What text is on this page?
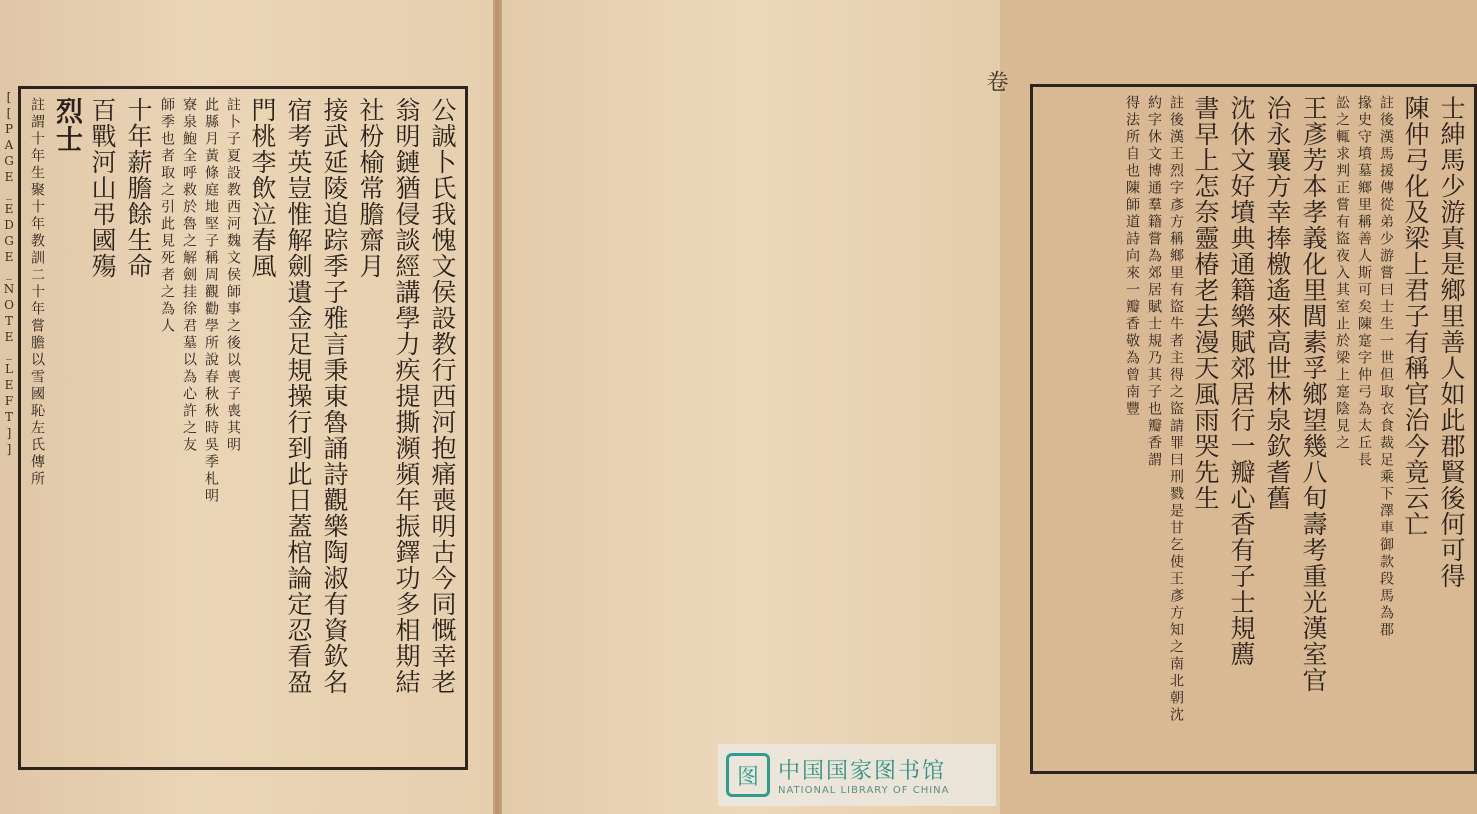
[[PAGE_EDGE_NOTE_LEFT]]	公誠卜氏我愧文侯設教行西河抱痛喪明古今同慨幸老
翁明鏈猶侵談經講學力疾提撕瀕頻年振鐸功多相期結
社枌榆常膽齋月
接武延陵追踪季子雅言秉東魯誦詩觀樂陶淑有資欽名
宿考英豈惟解劍遺金足規操行到此日蓋棺論定忍看盈
門桃李飲泣春風
註卜子夏設教西河魏文侯師事之後以喪子喪其明
此縣月黃條庭地堅子稱周觀勸學所說春秋秋時吳季札明
寮泉鮑全呼救於魯之解劍挂徐君墓以為心許之友
師季也者取之引此見死者之為人
十年薪膽餘生命
百戰河山弔國殤
烈士
註謂十年生聚十年教訓二十年嘗膽以雪國恥左氏傳所	士紳馬少游真是鄉里善人如此郡賢後何可得
陳仲弓化及梁上君子有稱官治今竟云亡
註後漢馬援傳從弟少游嘗曰士生一世但取衣食裁足乘下澤車御款段馬為郡
掾史守墳墓鄉里稱善人斯可矣陳寔字仲弓為太丘長
訟之輒求判正嘗有盜夜入其室止於梁上寔陰見之
王彥芳本孝義化里閭素孚鄉望幾八旬壽考重光漢室官
治永襄方幸捧檄遙來高世林泉欽耆舊
沈休文好墳典通籍樂賦郊居行一瓣心香有子士規薦
書早上怎奈靈椿老去漫天風雨哭先生
註後漢王烈字彥方稱鄉里有盜牛者主得之盜請罪曰刑戮是甘乞使王彥方知之南北朝沈
約字休文博通羣籍嘗為郊居賦士規乃其子也瓣香謂
得法所自也陳師道詩向來一瓣香敬為曾南豐
卷
图 中国国家图书馆
NATIONAL LIBRARY OF CHINA
